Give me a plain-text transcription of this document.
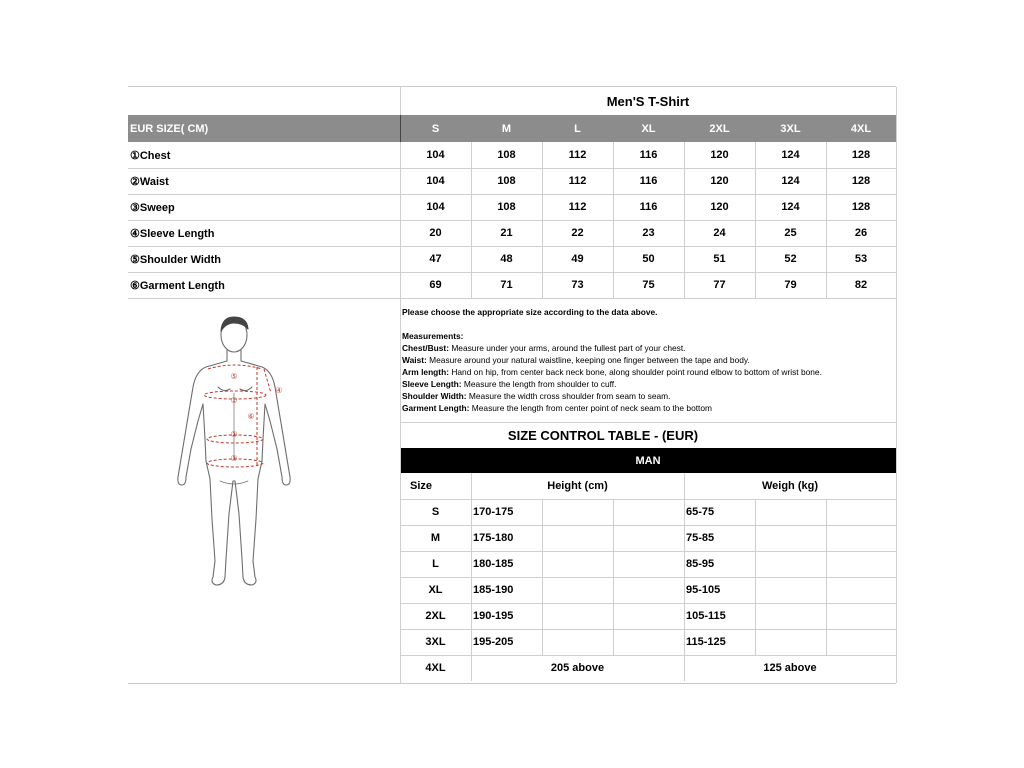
Men'S T-Shirt
EUR SIZE( CM)	S	M	L	XL	2XL	3XL	4XL
①Chest	104	108	112	116	120	124	128
②Waist	104	108	112	116	120	124	128
③Sweep	104	108	112	116	120	124	128
④Sleeve Length	20	21	22	23	24	25	26
⑤Shoulder Width	47	48	49	50	51	52	53
⑥Garment Length	69	71	73	75	77	79	82
⑤
①
②
③
④
⑥

Please choose the appropriate size according to the data above.

Measurements:

Chest/Bust: Measure under your arms, around the fullest part of your chest.

Waist: Measure around your natural waistline, keeping one finger between the tape and body.

Arm length: Hand on hip, from center back neck bone, along shoulder point round elbow to bottom of wrist bone.

Sleeve Length: Measure the length from shoulder to cuff.

Shoulder Width: Measure the width cross shoulder from seam to seam.

Garment Length: Measure the length from center point of neck seam to the bottom

SIZE CONTROL TABLE - (EUR)
MAN
Size	Height (cm)	Weigh (kg)
S	170-175	65-75
M	175-180	75-85
L	180-185	85-95
XL	185-190	95-105
2XL	190-195	105-115
3XL	195-205	115-125
4XL	205 above	125 above
